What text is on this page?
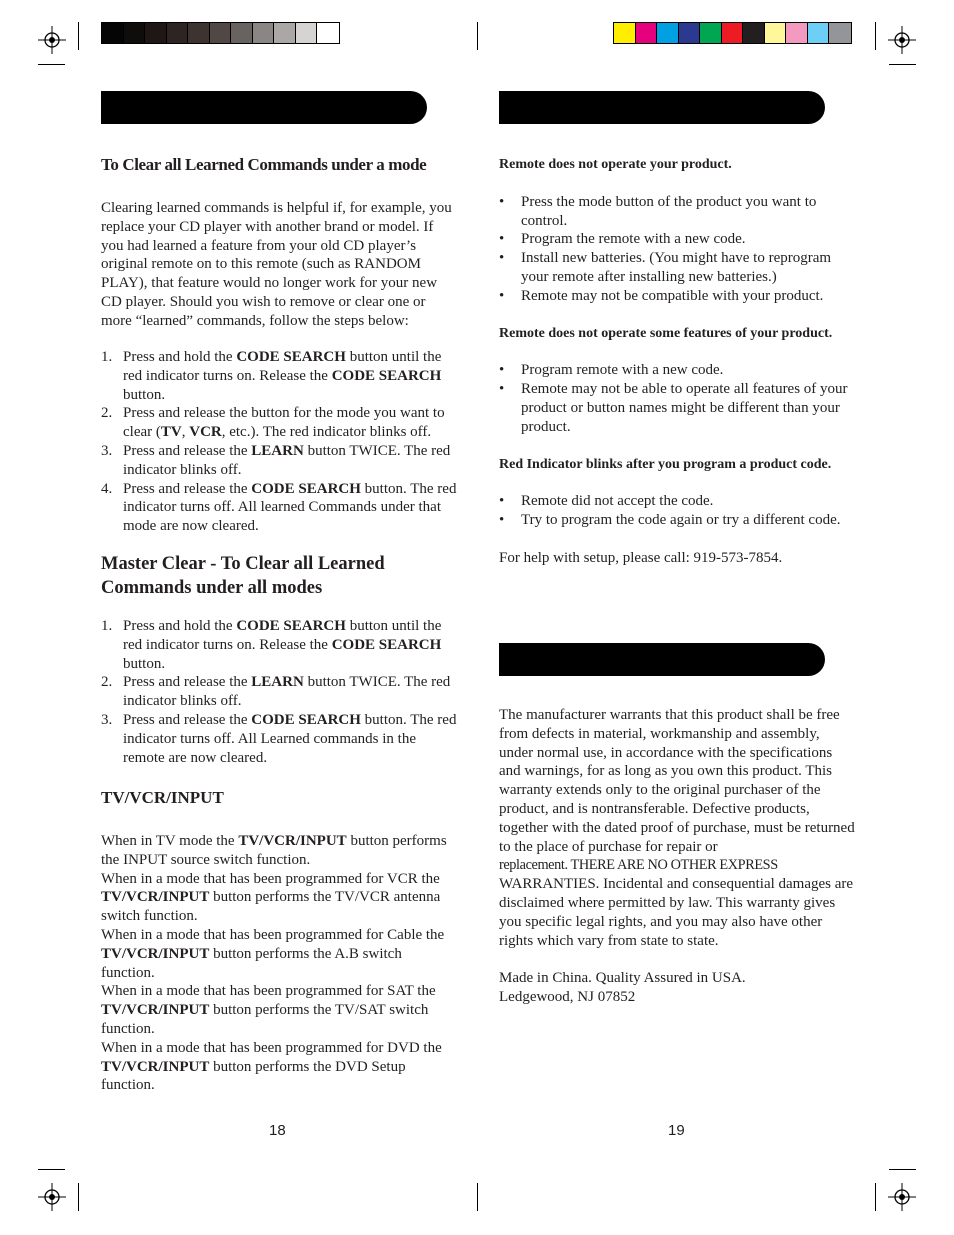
To Clear all Learned Commands under a mode

Clearing learned commands is helpful if, for example, you replace your CD player with another brand or model. If you had learned a feature from your old CD player’s original remote on to this remote (such as RANDOM PLAY), that feature would no longer work for your new CD player. Should you wish to remove or clear one or more “learned” commands, follow the steps below:

1. Press and hold the CODE SEARCH button until the red indicator turns on. Release the CODE SEARCH button.
2. Press and release the button for the mode you want to clear (TV, VCR, etc.). The red indicator blinks off.
3. Press and release the LEARN button TWICE. The red indicator blinks off.
4. Press and release the CODE SEARCH button. The red indicator turns off. All learned Commands under that mode are now cleared.

Master Clear - To Clear all Learned Commands under all modes

1. Press and hold the CODE SEARCH button until the red indicator turns on. Release the CODE SEARCH button.
2. Press and release the LEARN button TWICE. The red indicator blinks off.
3. Press and release the CODE SEARCH button. The red indicator turns off. All Learned commands in the remote are now cleared.

TV/VCR/INPUT

When in TV mode the TV/VCR/INPUT button performs the INPUT source switch function.

When in a mode that has been programmed for VCR the TV/VCR/INPUT button performs the TV/VCR antenna switch function.

When in a mode that has been programmed for Cable the TV/VCR/INPUT button performs the A.B switch function.

When in a mode that has been programmed for SAT the TV/VCR/INPUT button performs the TV/SAT switch function.

When in a mode that has been programmed for DVD the TV/VCR/INPUT button performs the DVD Setup function.

18

Remote does not operate your product.

• Press the mode button of the product you want to control.
• Program the remote with a new code.
• Install new batteries. (You might have to reprogram your remote after installing new batteries.)
• Remote may not be compatible with your product.

Remote does not operate some features of your product.

• Program remote with a new code.
• Remote may not be able to operate all features of your product or button names might be different than your product.

Red Indicator blinks after you program a product code.

• Remote did not accept the code.
• Try to program the code again or try a different code.

For help with setup, please call: 919-573-7854.

The manufacturer warrants that this product shall be free from defects in material, workmanship and assembly, under normal use, in accordance with the specifications and warnings, for as long as you own this product. This warranty extends only to the original purchaser of the product, and is nontransferable. Defective products, together with the dated proof of purchase, must be returned to the place of purchase for repair or

replacement. THERE ARE NO OTHER EXPRESS

WARRANTIES. Incidental and consequential damages are disclaimed where permitted by law. This warranty gives you specific legal rights, and you may also have other rights which vary from state to state.

Made in China. Quality Assured in USA.

Ledgewood, NJ 07852

19
